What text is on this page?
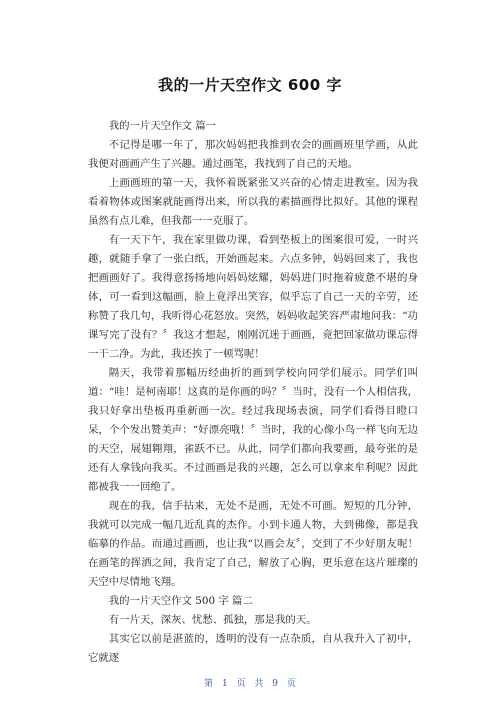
我的一片天空作文 600 字

我的一片天空作文 篇一

不记得是哪一年了，那次妈妈把我推到农会的画画班里学画，从此我便对画画产生了兴趣。通过画笔，我找到了自己的天地。

上画画班的第一天，我怀着既紧张又兴奋的心情走进教室。因为我看着物体或图案就能画得出来，所以我的素描画得比拟好。其他的课程虽然有点儿难，但我都一一克服了。

有一天下午，我在家里做功课，看到垫板上的图案很可爱，一时兴趣，就随手拿了一张白纸，开始画起来。六点多钟，妈妈回来了，我也把画画好了。我得意扬扬地向妈妈炫耀，妈妈进门时拖着疲惫不堪的身体，可一看到这幅画，脸上竟浮出笑容，似乎忘了自己一天的辛劳，还称赞了我几句，我听得心花怒放。突然，妈妈收起笑容严肃地问我：“功课写完了没有？〞我这才想起，刚刚沉迷于画画，竟把回家做功课忘得一干二净。为此，我还挨了一顿骂呢！

隔天，我带着那幅历经曲折的画到学校向同学们展示。同学们叫道：“哇！是柯南耶！这真的是你画的吗？〞当时，没有一个人相信我，我只好拿出垫板再重新画一次。经过我现场表演，同学们看得目瞪口呆，个个发出赞美声：“好漂亮哦！〞当时，我的心像小鸟一样飞向无边的天空，展翅翱翔，雀跃不已。从此，同学们都向我要画，最夸张的是还有人拿钱向我买。不过画画是我的兴趣，怎么可以拿来牟利呢？因此都被我一一回绝了。

现在的我，信手拈来，无处不是画，无处不可画。短短的几分钟，我就可以完成一幅几近乱真的杰作。小到卡通人物，大到佛像，都是我临摹的作品。而通过画画，也让我“以画会友〞，交到了不少好朋友呢！在画笔的挥洒之间，我肯定了自己，解放了心胸，更乐意在这片璀璨的天空中尽情地飞翔。

我的一片天空作文 500 字 篇二

有一片天，深灰、忧愁、孤独，那是我的天。

其实它以前是湛蓝的，透明的没有一点杂质，自从我升入了初中，它就逐

第 1 页 共 9 页
